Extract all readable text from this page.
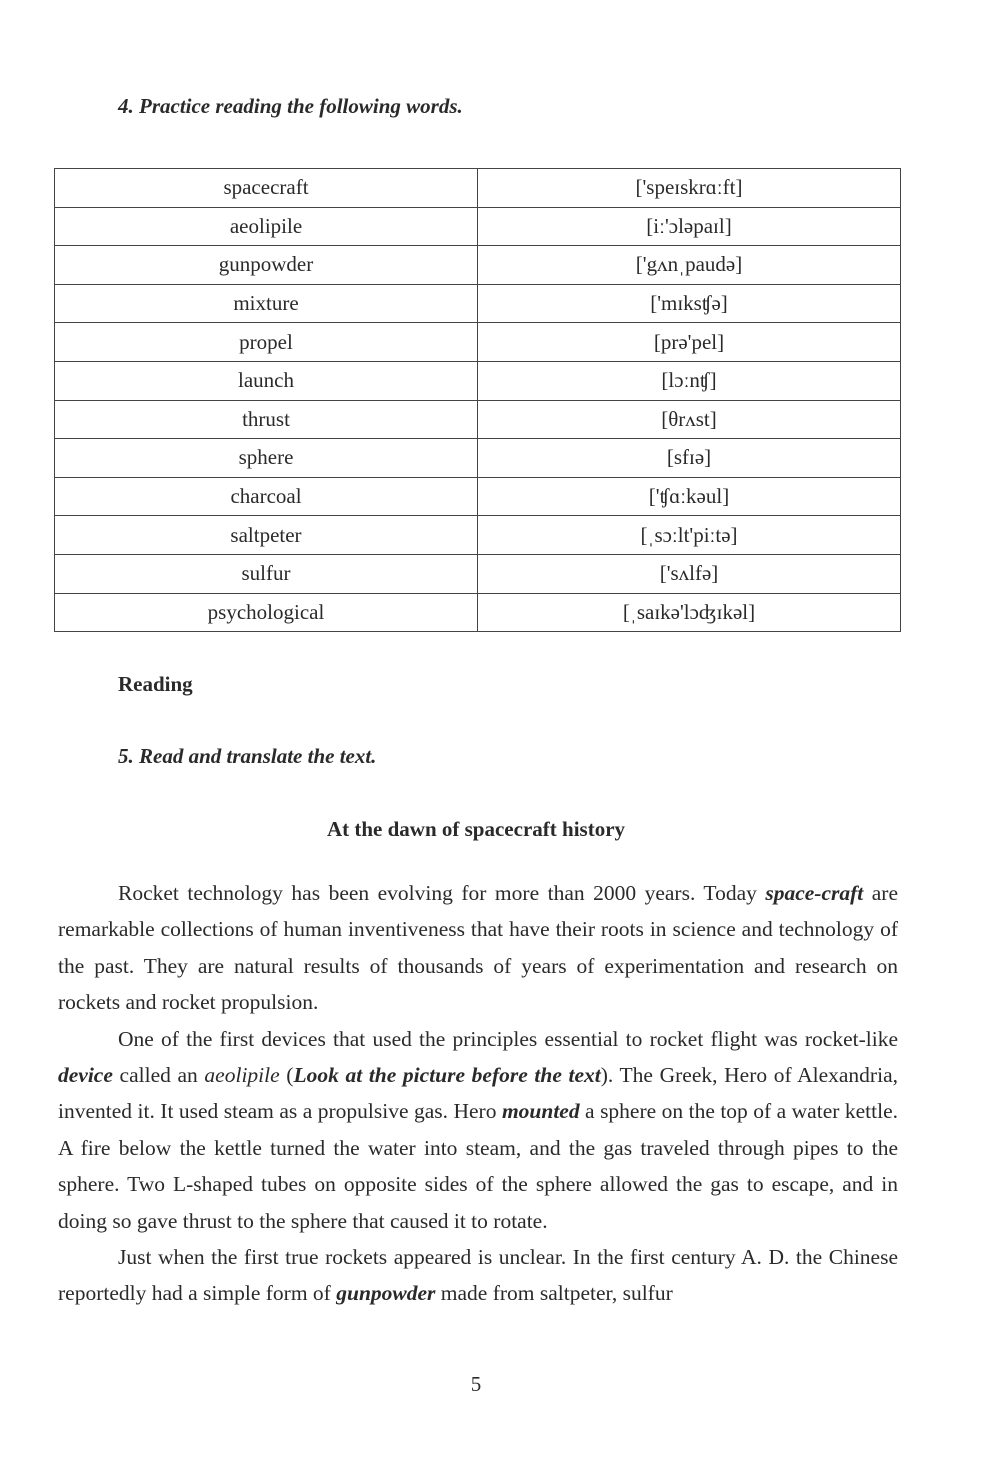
4. Practice reading the following words.
spacecraft	['speɪskrɑːft]
aeolipile	[iː'ɔləpaɪl]
gunpowder	['gʌnˌpaudə]
mixture	['mɪksʧə]
propel	[prə'pel]
launch	[lɔːnʧ]
thrust	[θrʌst]
sphere	[sfɪə]
charcoal	['ʧɑːkəul]
saltpeter	[ˌsɔːlt'piːtə]
sulfur	['sʌlfə]
psychological	[ˌsaɪkə'lɔʤɪkəl]
Reading
5. Read and translate the text.
At the dawn of spacecraft history

Rocket technology has been evolving for more than 2000 years. Today space-craft are remarkable collections of human inventiveness that have their roots in science and technology of the past. They are natural results of thousands of years of experimentation and research on rockets and rocket propulsion.

One of the first devices that used the principles essential to rocket flight was rocket-like device called an aeolipile (Look at the picture before the text). The Greek, Hero of Alexandria, invented it. It used steam as a propulsive gas. Hero mounted a sphere on the top of a water kettle. A fire below the kettle turned the water into steam, and the gas traveled through pipes to the sphere. Two L-shaped tubes on opposite sides of the sphere allowed the gas to escape, and in doing so gave thrust to the sphere that caused it to rotate.

Just when the first true rockets appeared is unclear. In the first century A. D. the Chinese reportedly had a simple form of gunpowder made from saltpeter, sulfur

5
